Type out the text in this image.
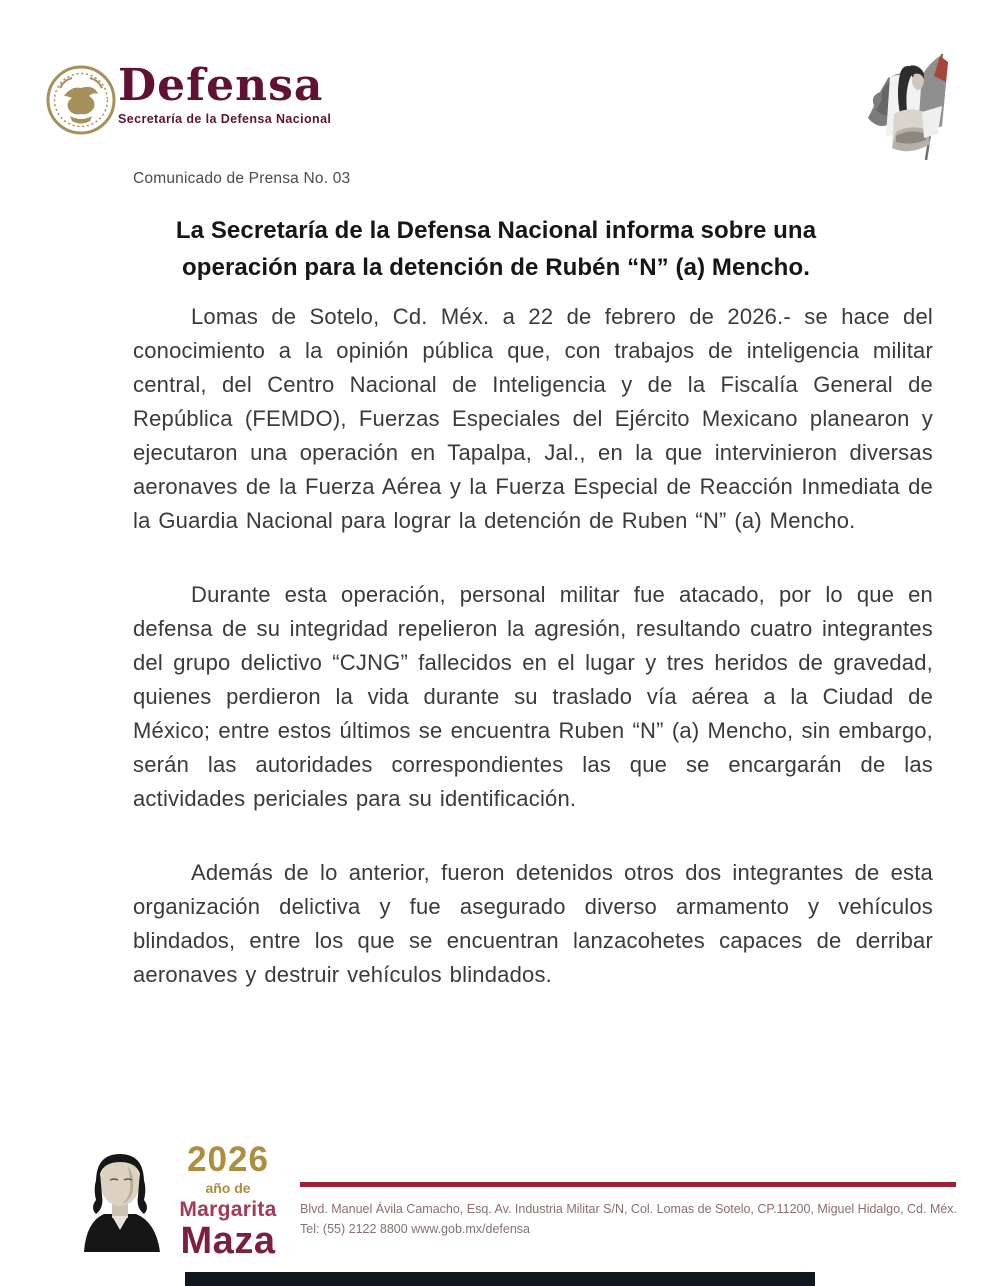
Defensa
Secretaría de la Defensa Nacional
Comunicado de Prensa No. 03
La Secretaría de la Defensa Nacional informa sobre una
operación para la detención de Rubén “N” (a) Mencho.

Lomas de Sotelo, Cd. Méx. a 22 de febrero de 2026.- se hace del conocimiento a la opinión pública que, con trabajos de inteligencia militar central, del Centro Nacional de Inteligencia y de la Fiscalía General de República (FEMDO), Fuerzas Especiales del Ejército Mexicano planearon y ejecutaron una operación en Tapalpa, Jal., en la que intervinieron diversas aeronaves de la Fuerza Aérea y la Fuerza Especial de Reacción Inmediata de la Guardia Nacional para lograr la detención de Ruben “N” (a) Mencho.

Durante esta operación, personal militar fue atacado, por lo que en defensa de su integridad repelieron la agresión, resultando cuatro integrantes del grupo delictivo “CJNG” fallecidos en el lugar y tres heridos de gravedad, quienes perdieron la vida durante su traslado vía aérea a la Ciudad de México; entre estos últimos se encuentra Ruben “N” (a) Mencho, sin embargo, serán las autoridades correspondientes las que se encargarán de las actividades periciales para su identificación.

Además de lo anterior, fueron detenidos otros dos integrantes de esta organización delictiva y fue asegurado diverso armamento y vehículos blindados, entre los que se encuentran lanzacohetes capaces de derribar aeronaves y destruir vehículos blindados.

2026
año de
Margarita
Maza
Blvd. Manuel Ávila Camacho, Esq. Av. Industria Militar S/N, Col. Lomas de Sotelo, CP.11200, Miguel Hidalgo, Cd. Méx.
Tel: (55) 2122 8800 www.gob.mx/defensa
